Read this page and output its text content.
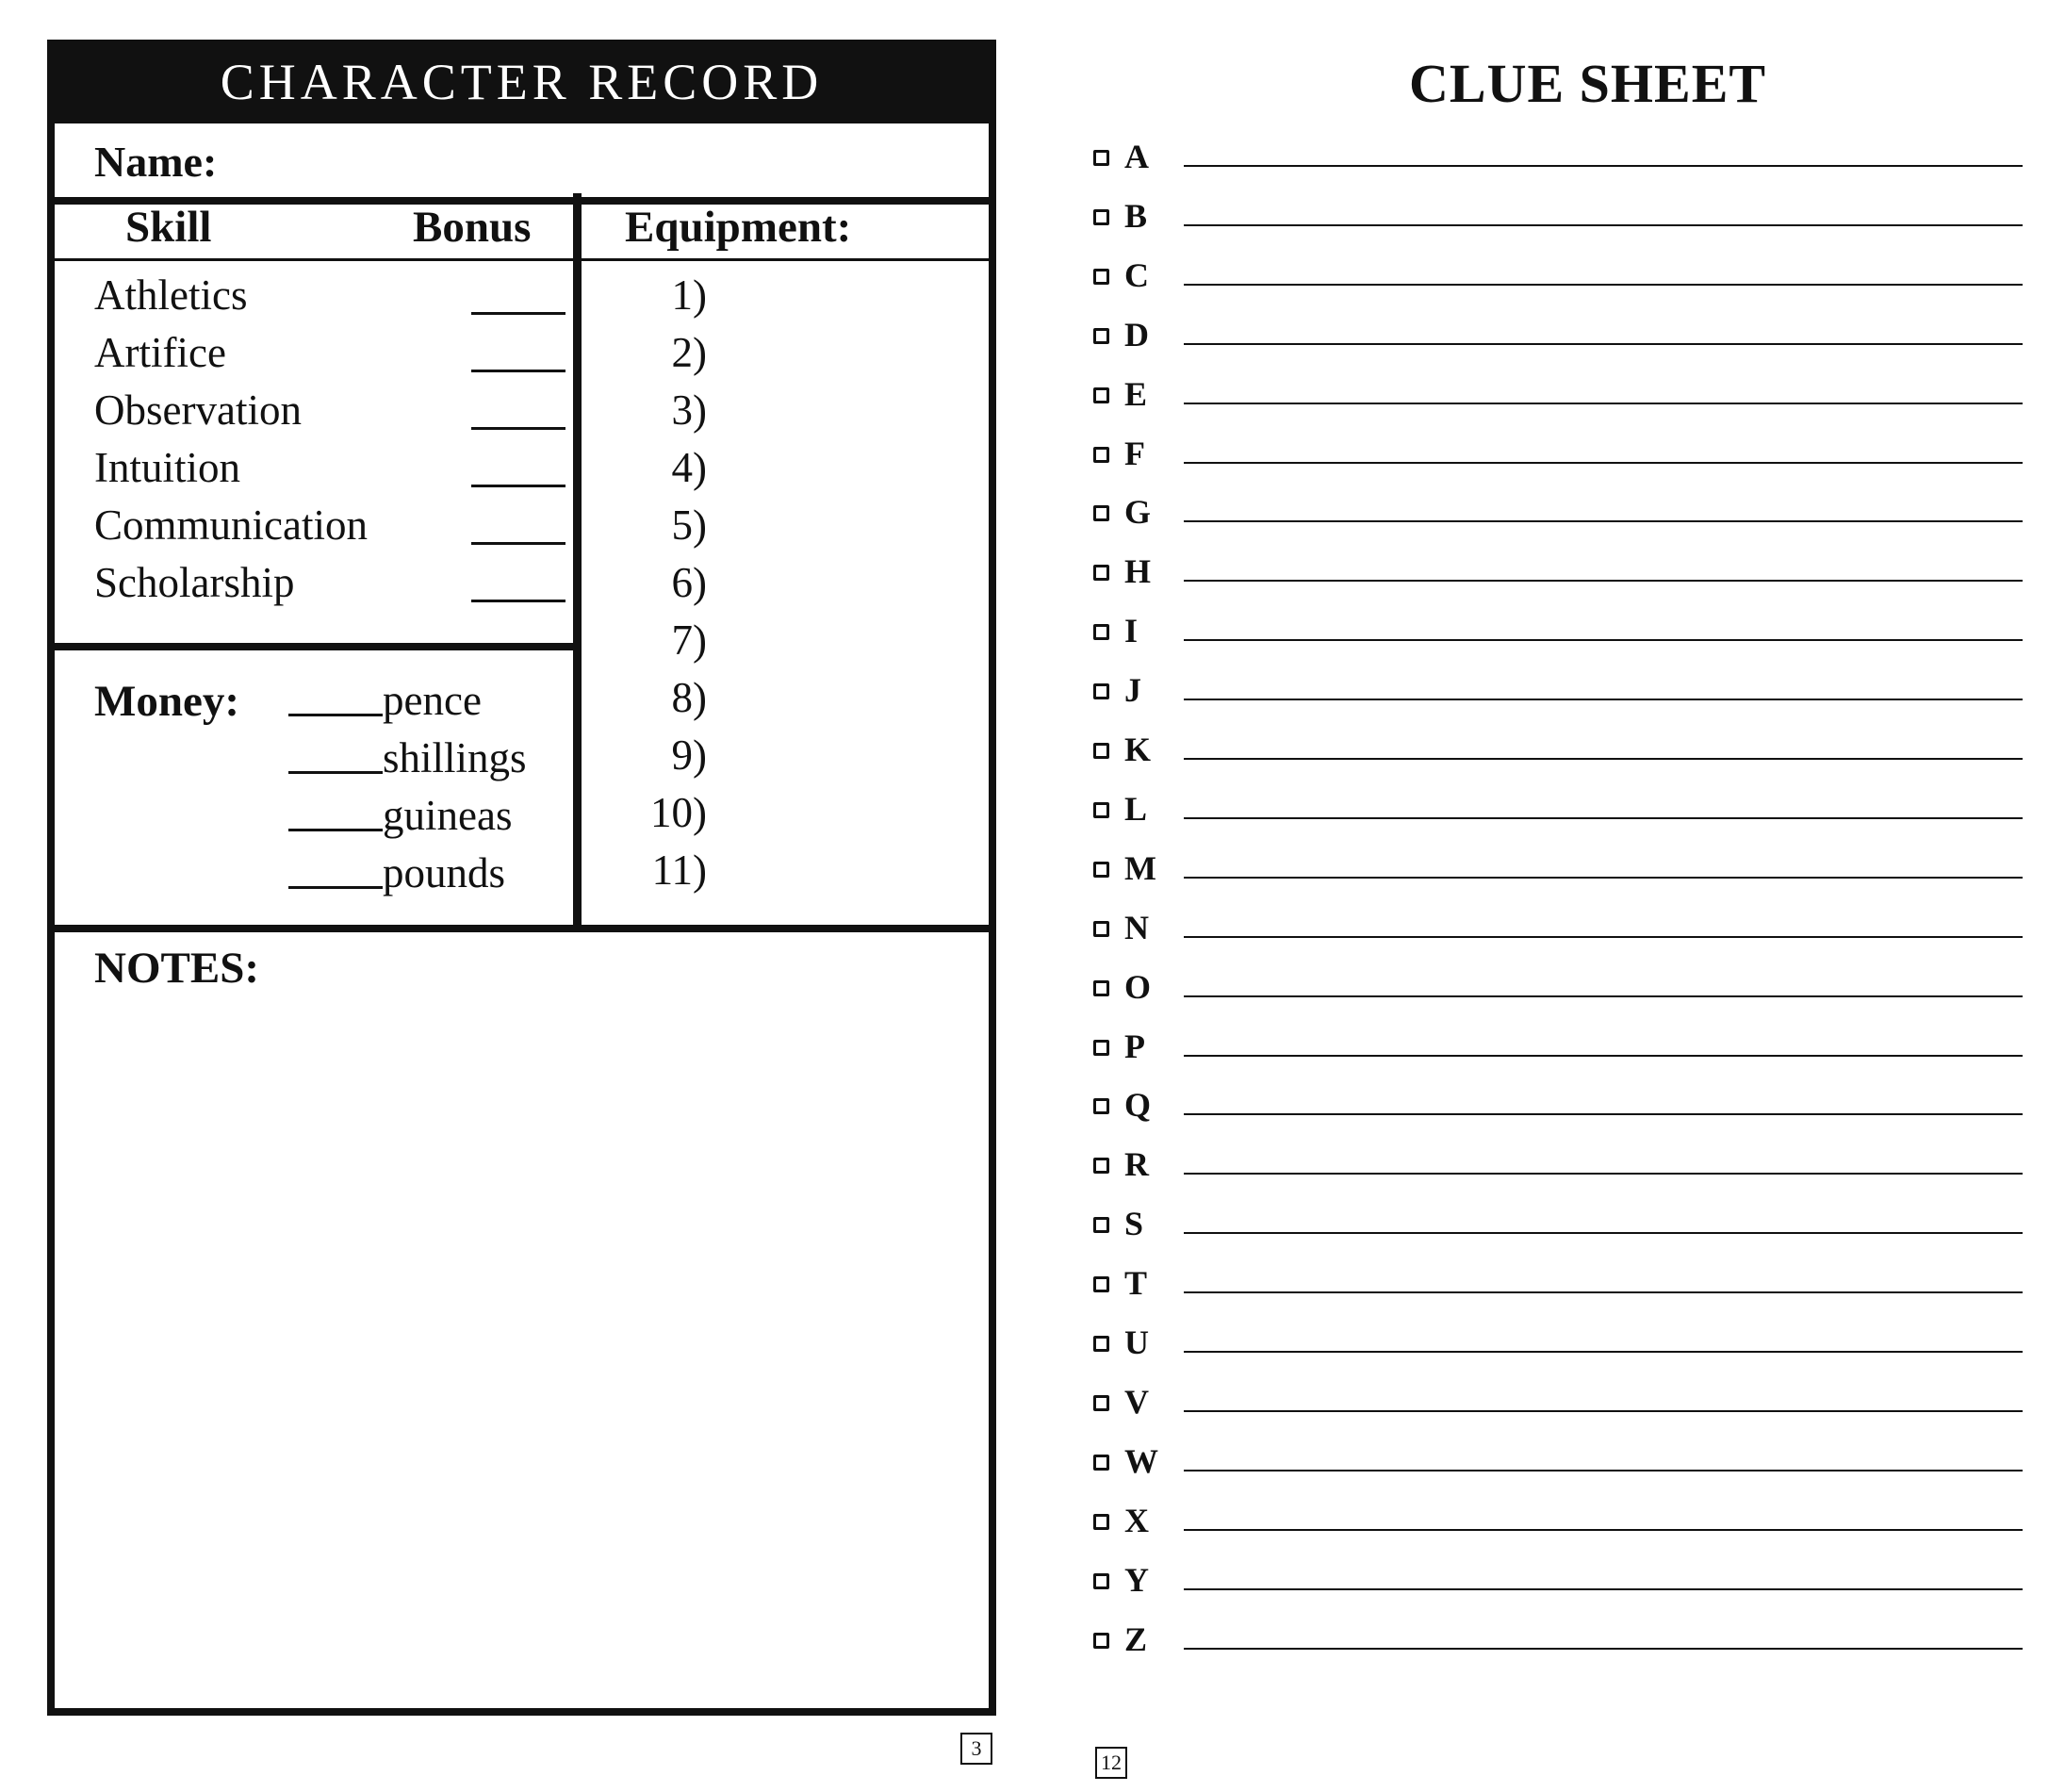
CHARACTER RECORD
Name:
Skill	Bonus Equipment:
Athletics
Artifice
Observation
Intuition
Communication
Scholarship
Money:	pence
shillings
guineas
pounds
1)
2)
3)
4)
5)
6)
7)
8)
9)
10)
11)
NOTES:
3
CLUE SHEET
A
B
C
D
E
F
G
H
I
J
K
L
M
N
O
P
Q
R
S
T
U
V
W
X
Y
Z
12
